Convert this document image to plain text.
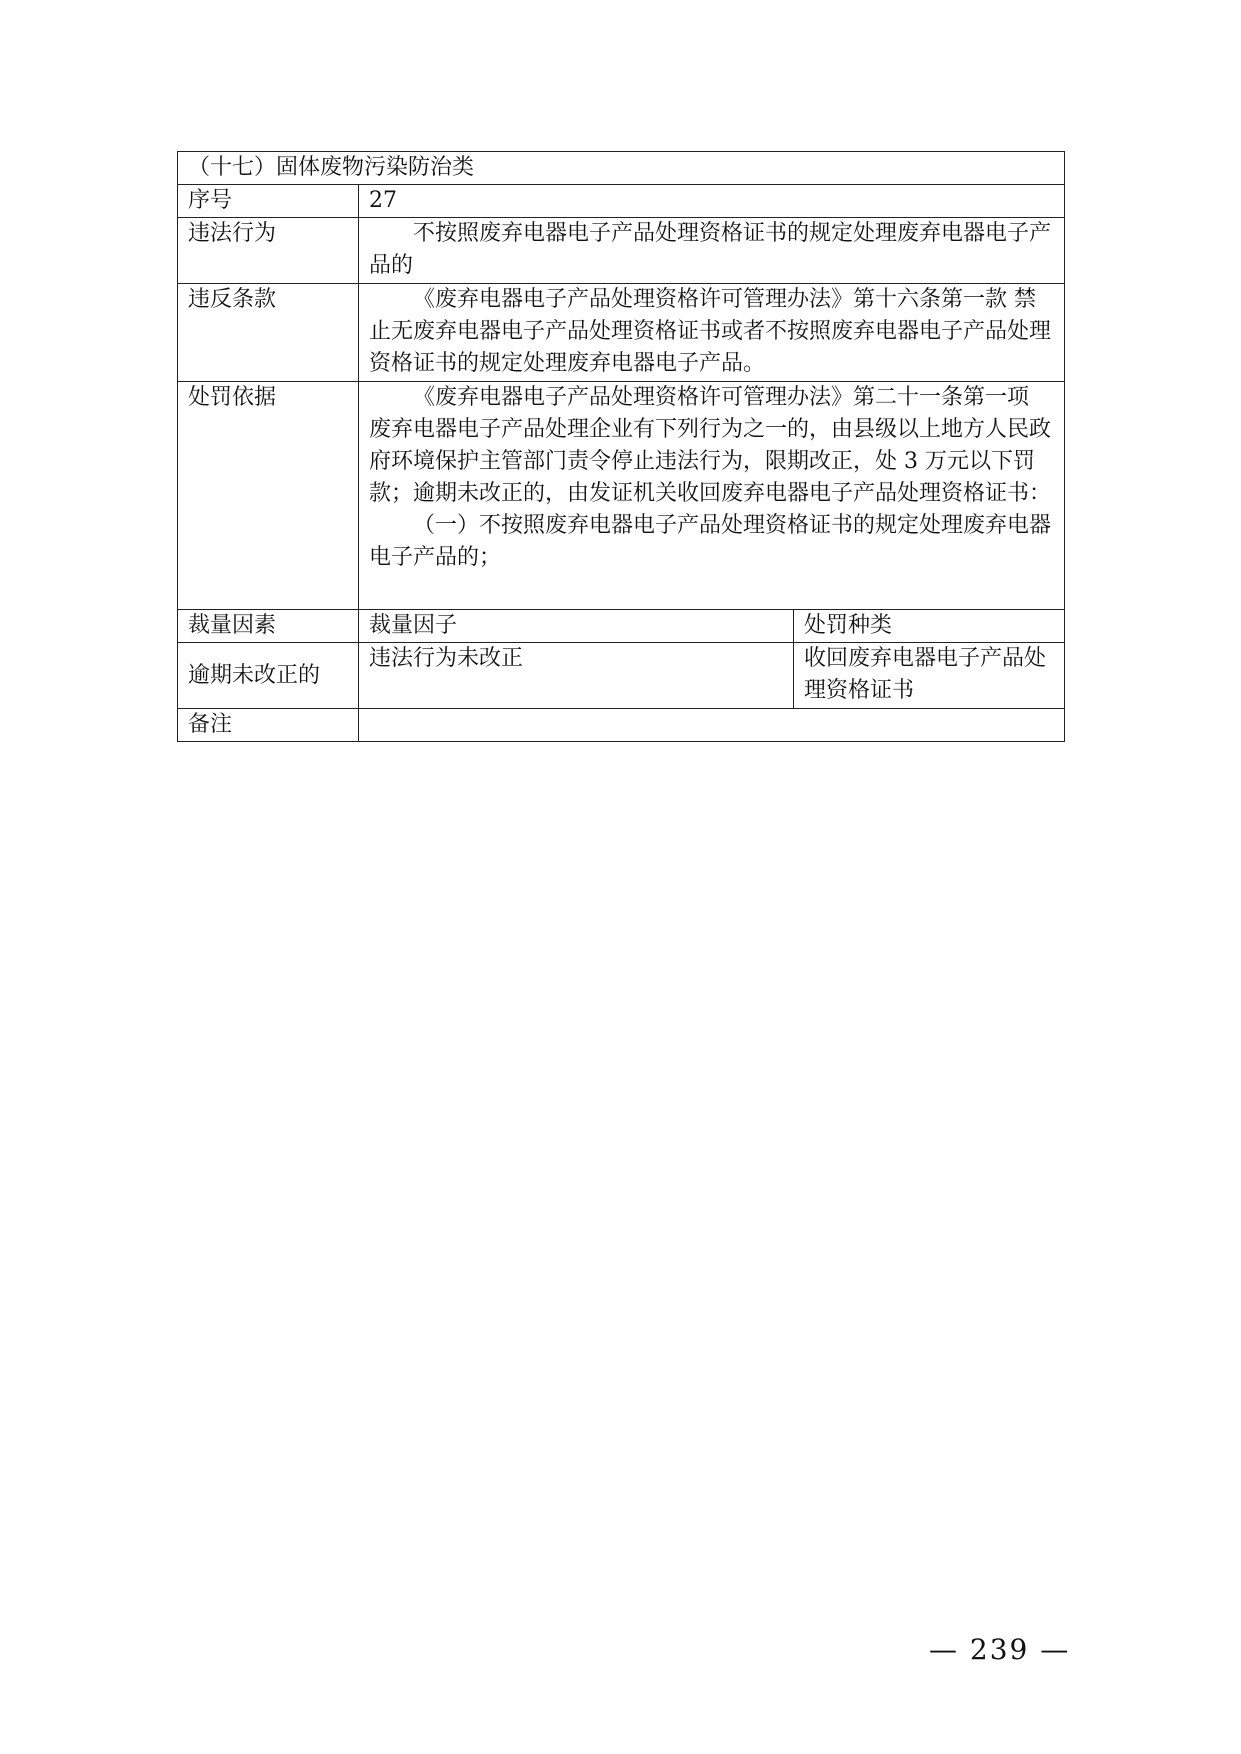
（十七）固体废物污染防治类		
序号	27	
违法行为	不按照废弃电器电子产品处理资格证书的规定处理废弃电器电子产品的	

违反条款	《废弃电器电子产品处理资格许可管理办法》第十六条第一款 禁止无废弃电器电子产品处理资格证书或者不按照废弃电器电子产品处理资格证书的规定处理废弃电器电子产品。	

处罚依据	《废弃电器电子产品处理资格许可管理办法》第二十一条第一项 废弃电器电子产品处理企业有下列行为之一的，由县级以上地方人民政府环境保护主管部门责令停止违法行为，限期改正，处 3 万元以下罚款；逾期未改正的，由发证机关收回废弃电器电子产品处理资格证书：

（一）不按照废弃电器电子产品处理资格证书的规定处理废弃电器电子产品的；	

裁量因素	裁量因子	处罚种类
逾期未改正的	违法行为未改正	收回废弃电器电子产品处理资格证书
备注		
— 239 —
